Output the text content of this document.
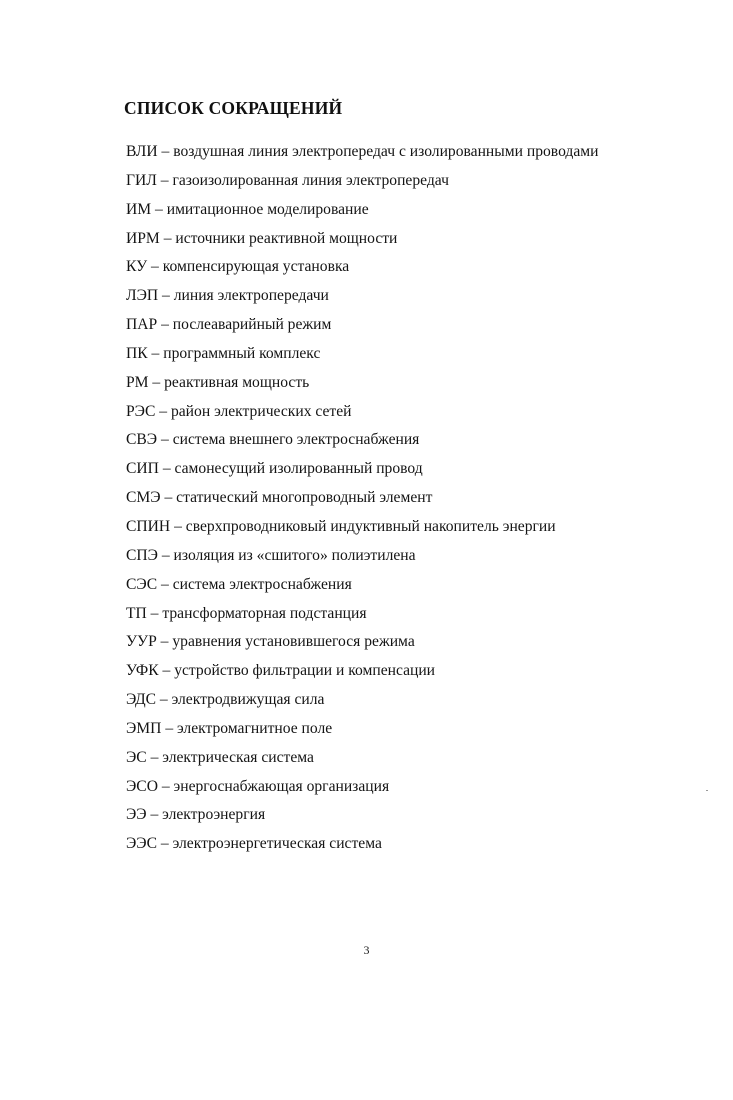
СПИСОК СОКРАЩЕНИЙ
ВЛИ – воздушная линия электропередач с изолированными проводами
ГИЛ – газоизолированная линия электропередач
ИМ – имитационное моделирование
ИРМ – источники реактивной мощности
КУ – компенсирующая установка
ЛЭП – линия электропередачи
ПАР – послеаварийный режим
ПК – программный комплекс
РМ – реактивная мощность
РЭС – район электрических сетей
СВЭ – система внешнего электроснабжения
СИП – самонесущий изолированный провод
СМЭ – статический многопроводный элемент
СПИН – сверхпроводниковый индуктивный накопитель энергии
СПЭ – изоляция из «сшитого» полиэтилена
СЭС – система электроснабжения
ТП – трансформаторная подстанция
УУР – уравнения установившегося режима
УФК – устройство фильтрации и компенсации
ЭДС – электродвижущая сила
ЭМП – электромагнитное поле
ЭС – электрическая система
ЭСО – энергоснабжающая организация
ЭЭ – электроэнергия
ЭЭС – электроэнергетическая система
3
